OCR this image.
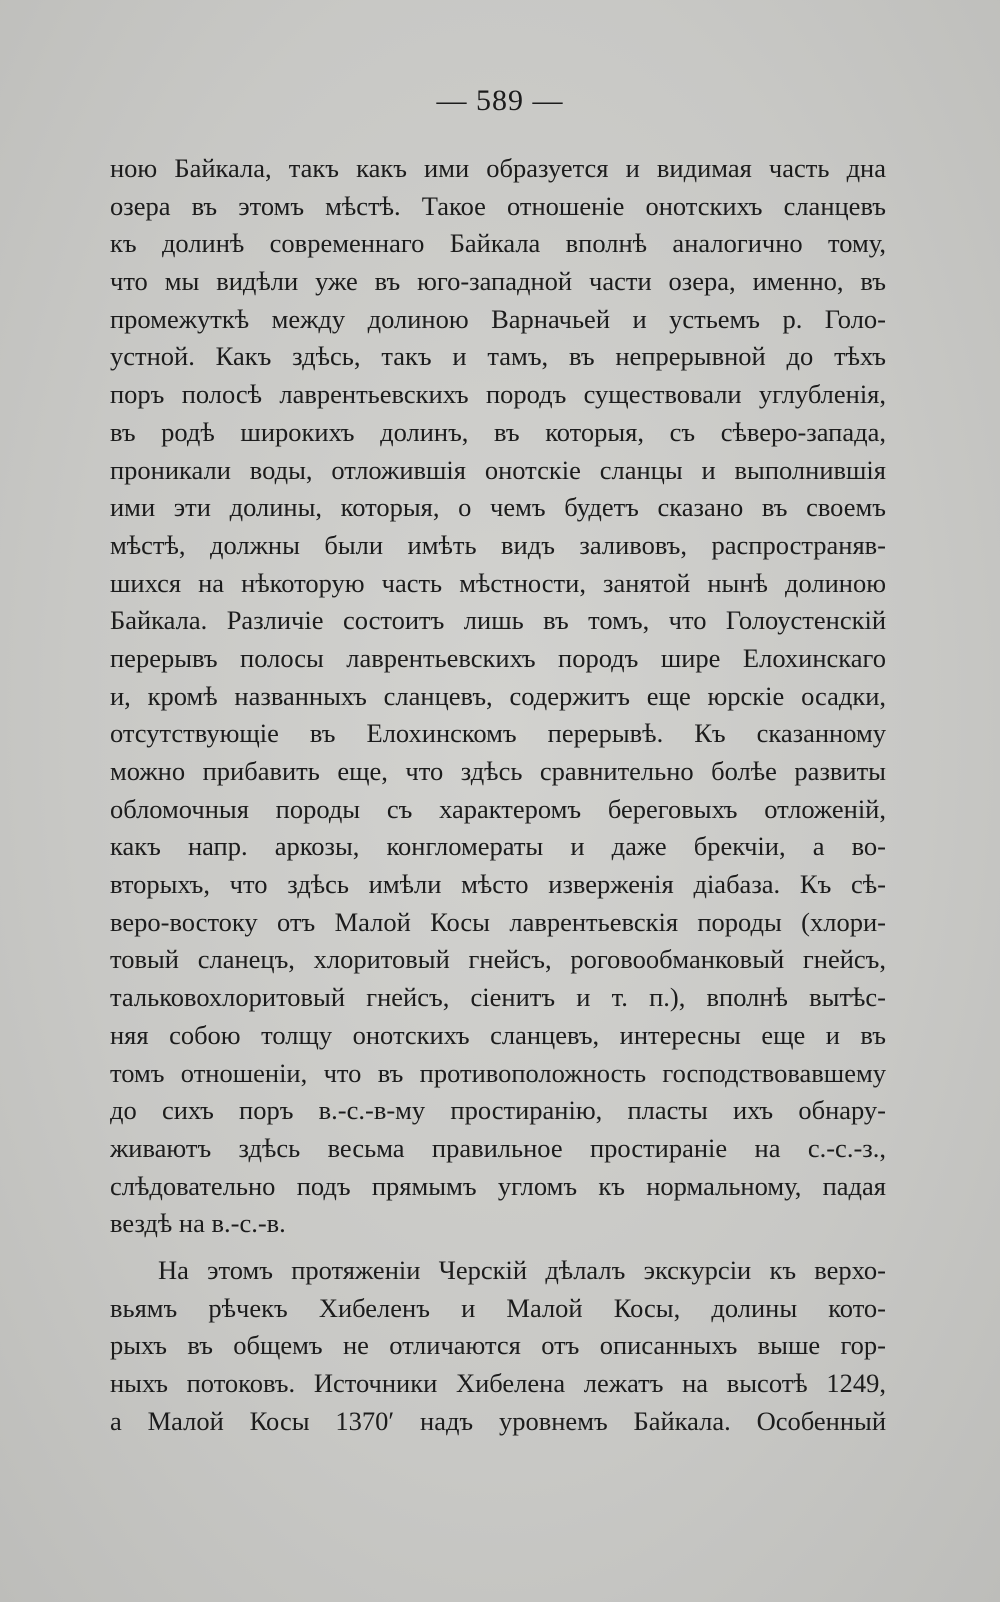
— 589 —
ною Байкала, такъ какъ ими образуется и видимая часть дна
озера въ этомъ мѣстѣ. Такое отношеніе онотскихъ сланцевъ
къ долинѣ современнаго Байкала вполнѣ аналогично тому,
что мы видѣли уже въ юго-западной части озера, именно, въ
промежуткѣ между долиною Варначьей и устьемъ р. Голо-
устной. Какъ здѣсь, такъ и тамъ, въ непрерывной до тѣхъ
поръ полосѣ лаврентьевскихъ породъ существовали углубленія,
въ родѣ широкихъ долинъ, въ которыя, съ сѣверо-запада,
проникали воды, отложившія онотскіе сланцы и выполнившія
ими эти долины, которыя, о чемъ будетъ сказано въ своемъ
мѣстѣ, должны были имѣть видъ заливовъ, распространяв-
шихся на нѣкоторую часть мѣстности, занятой нынѣ долиною
Байкала. Различіе состоитъ лишь въ томъ, что Голоустенскій
перерывъ полосы лаврентьевскихъ породъ шире Елохинскаго
и, кромѣ названныхъ сланцевъ, содержитъ еще юрскіе осадки,
отсутствующіе въ Елохинскомъ перерывѣ. Къ сказанному
можно прибавить еще, что здѣсь сравнительно болѣе развиты
обломочныя породы съ характеромъ береговыхъ отложеній,
какъ напр. аркозы, конгломераты и даже брекчіи, а во-
вторыхъ, что здѣсь имѣли мѣсто изверженія діабаза. Къ сѣ-
веро-востоку отъ Малой Косы лаврентьевскія породы (хлори-
товый сланецъ, хлоритовый гнейсъ, роговообманковый гнейсъ,
тальковохлоритовый гнейсъ, сіенитъ и т. п.), вполнѣ вытѣс-
няя собою толщу онотскихъ сланцевъ, интересны еще и въ
томъ отношеніи, что въ противоположность господствовавшему
до сихъ поръ в.-с.-в-му простиранію, пласты ихъ обнару-
живаютъ здѣсь весьма правильное простираніе на с.-с.-з.,
слѣдовательно подъ прямымъ угломъ къ нормальному, падая
вездѣ на в.-с.-в.
На этомъ протяженіи Черскій дѣлалъ экскурсіи къ верхо-
вьямъ рѣчекъ Хибеленъ и Малой Косы, долины кото-
рыхъ въ общемъ не отличаются отъ описанныхъ выше гор-
ныхъ потоковъ. Источники Хибелена лежатъ на высотѣ 1249,
а Малой Косы 1370′ надъ уровнемъ Байкала. Особенный
